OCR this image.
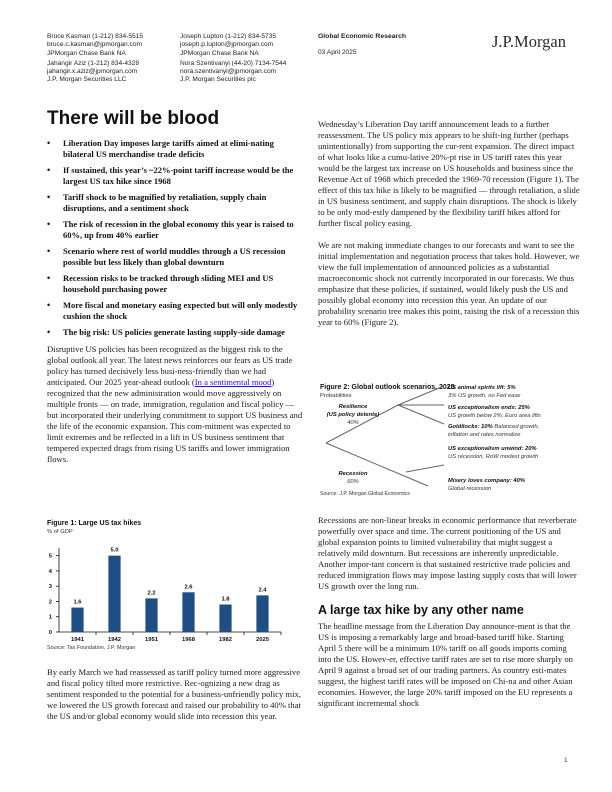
Bruce Kasman (1-212) 834-5515
bruce.c.kasman@jpmorgan.com
JPMorgan Chase Bank NA
Jahangir Aziz (1-212) 834-4328
jahangir.x.aziz@jpmorgan.com
J.P. Morgan Securities LLC
Joseph Lupton (1-212) 834-5735
joseph.p.lupton@jpmorgan.com
JPMorgan Chase Bank NA
Nora Szentivanyi (44-20) 7134-7544
nora.szentivanyi@jpmorgan.com
J.P. Morgan Securities plc
Global Economic Research
03 April 2025
J.P.Morgan
There will be blood
• Liberation Day imposes large tariffs aimed at elimi-nating bilateral US merchandise trade deficits
• If sustained, this year’s ~22%-point tariff increase would be the largest US tax hike since 1968
• Tariff shock to be magnified by retaliation, supply chain disruptions, and a sentiment shock
• The risk of recession in the global economy this year is raised to 60%, up from 40% earlier
• Scenario where rest of world muddles through a US recession possible but less likely than global downturn
• Recession risks to be tracked through sliding MEI and US household purchasing power
• More fiscal and monetary easing expected but will only modestly cushion the shock
• The big risk: US policies generate lasting supply-side damage

Disruptive US policies has been recognized as the biggest risk to the global outlook all year. The latest news reinforces our fears as US trade policy has turned decisively less busi-ness-friendly than we had anticipated. Our 2025 year-ahead outlook (In a sentimental mood) recognized that the new administration would move aggressively on multiple fronts — on trade, immigration, regulation and fiscal policy — but incorporated their underlying commitment to support US business and the life of the economic expansion. This com-mitment was expected to limit extremes and be reflected in a lift in US business sentiment that tempered expected drags from rising US tariffs and lower immigration flows.

Figure 1: Large US tax hikes
% of GDP
0
1
2
3
4
5
1.6
1941
5.0
1942
2.2
1951
2.6
1968
1.8
1982
2.4
2025
Source: Tax Foundation, J.P. Morgan

By early March we had reassessed as tariff policy turned more aggressive and fiscal policy tilted more restrictive. Rec-ognizing a new drag as sentiment responded to the potential for a business-unfriendly policy mix, we lowered the US growth forecast and raised our probability to 40% that the US and/or global economy would slide into recession this year.

Wednesday’s Liberation Day tariff announcement leads to a further reassessment. The US policy mix appears to be shift-ing further (perhaps unintentionally) from supporting the cur-rent expansion. The direct impact of what looks like a cumu-lative 20%-pt rise in US tariff rates this year would be the largest tax increase on US households and business since the Revenue Act of 1968 which preceded the 1969-70 recession (Figure 1). The effect of this tax hike is likely to be magnified — through retaliation, a slide in US business sentiment, and supply chain disruptions. The shock is likely to be only mod-estly dampened by the flexibility tariff hikes afford for further fiscal policy easing.

We are not making immediate changes to our forecasts and want to see the initial implementation and negotiation process that takes hold. However, we view the full implementation of announced policies as a substantial macroeconomic shock not currently incorporated in our forecasts. We thus emphasize that these policies, if sustained, would likely push the US and possibly global economy into recession this year. An update of our probability scenario tree makes this point, raising the risk of a recession this year to 60% (Figure 2).

Figure 2: Global outlook scenarios, 2025
Probabilities
Resilience
(US policy detente)
40%
Recession
60%
US animal spirits lift: 5%
3% US growth, no Fed ease
US exceptionalism ends: 25%
US growth below 2%; Euro area lifts
Goldilocks: 10% Balanced growth,
inflation and rates normalize
US exceptionalism unwind: 20%
US recession, RoW modest growth
Misery loves company: 40%
Global recession
Source: J.P. Morgan Global Economics

Recessions are non-linear breaks in economic performance that reverberate powerfully over space and time. The current positioning of the US and global expansion points to limited vulnerability that might suggest a relatively mild downturn. But recessions are inherently unpredictable. Another impor-tant concern is that sustained restrictive trade policies and reduced immigration flows may impose lasting supply costs that will lower US growth over the long run.

A large tax hike by any other name

The headline message from the Liberation Day announce-ment is that the US is imposing a remarkably large and broad-based tariff hike. Starting April 5 there will be a minimum 10% tariff on all goods imports coming into the US. Howev-er, effective tariff rates are set to rise more sharply on April 9 against a broad set of our trading partners. As country esti-mates suggest, the highest tariff rates will be imposed on Chi-na and other Asian economies. However, the large 20% tariff imposed on the EU represents a significant incremental shock

1
